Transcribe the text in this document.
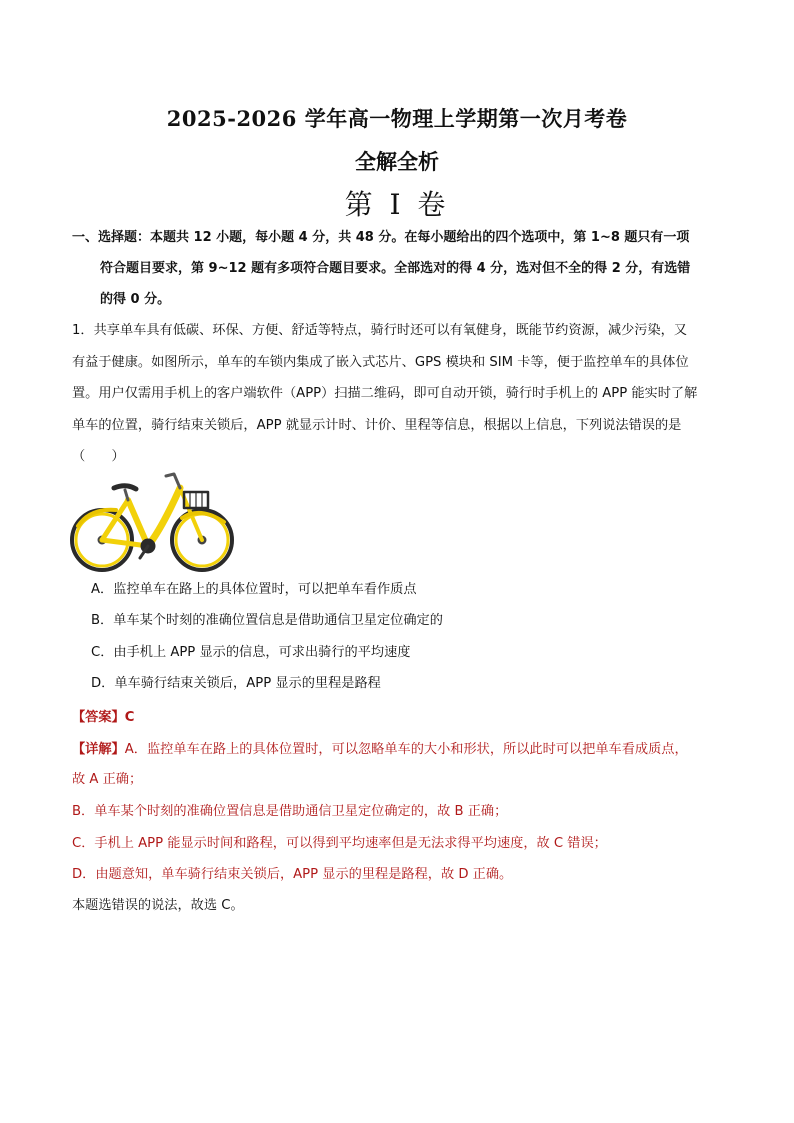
2025-2026 学年高一物理上学期第一次月考卷
全解全析
第 I 卷
一、选择题：本题共 12 小题，每小题 4 分，共 48 分。在每小题给出的四个选项中，第 1~8 题只有一项
符合题目要求，第 9~12 题有多项符合题目要求。全部选对的得 4 分，选对但不全的得 2 分，有选错
的得 0 分。
1．共享单车具有低碳、环保、方便、舒适等特点，骑行时还可以有氧健身，既能节约资源，减少污染，又
有益于健康。如图所示，单车的车锁内集成了嵌入式芯片、GPS 模块和 SIM 卡等，便于监控单车的具体位
置。用户仅需用手机上的客户端软件（APP）扫描二维码，即可自动开锁，骑行时手机上的 APP 能实时了解
单车的位置，骑行结束关锁后，APP 就显示计时、计价、里程等信息，根据以上信息，下列说法错误的是
（　　）
A．监控单车在路上的具体位置时，可以把单车看作质点
B．单车某个时刻的准确位置信息是借助通信卫星定位确定的
C．由手机上 APP 显示的信息，可求出骑行的平均速度
D．单车骑行结束关锁后，APP 显示的里程是路程
【答案】C
【详解】A．监控单车在路上的具体位置时，可以忽略单车的大小和形状，所以此时可以把单车看成质点，
故 A 正确；
B．单车某个时刻的准确位置信息是借助通信卫星定位确定的，故 B 正确；
C．手机上 APP 能显示时间和路程，可以得到平均速率但是无法求得平均速度，故 C 错误；
D．由题意知，单车骑行结束关锁后，APP 显示的里程是路程，故 D 正确。
本题选错误的说法，故选 C。
